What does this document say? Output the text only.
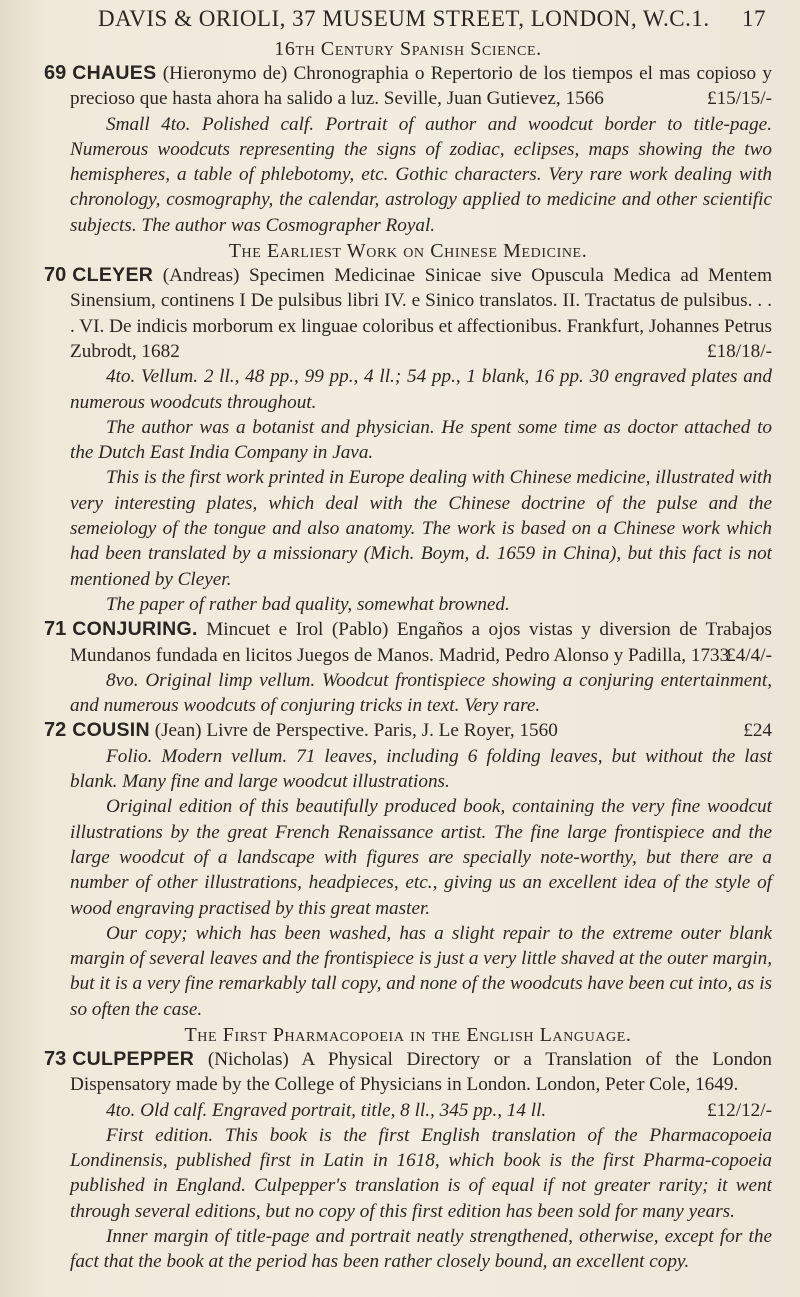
DAVIS & ORIOLI, 37 MUSEUM STREET, LONDON, W.C.1. 17
16th Century Spanish Science.
69 CHAUES (Hieronymo de) Chronographia o Repertorio de los tiempos el mas copioso y precioso que hasta ahora ha salido a luz. Seville, Juan Gutievez, 1566	£15/15/-

Small 4to. Polished calf. Portrait of author and woodcut border to title-page. Numerous woodcuts representing the signs of zodiac, eclipses, maps showing the two hemispheres, a table of phlebotomy, etc. Gothic characters. Very rare work dealing with chronology, cosmography, the calendar, astrology applied to medicine and other scientific subjects. The author was Cosmographer Royal.

The Earliest Work on Chinese Medicine.
70 CLEYER (Andreas) Specimen Medicinae Sinicae sive Opuscula Medica ad Mentem Sinensium, continens I De pulsibus libri IV. e Sinico translatos. II. Tractatus de pulsibus. . . . VI. De indicis morborum ex linguae coloribus et affectionibus. Frankfurt, Johannes Petrus Zubrodt, 1682	£18/18/-

4to. Vellum. 2 ll., 48 pp., 99 pp., 4 ll.; 54 pp., 1 blank, 16 pp. 30 engraved plates and numerous woodcuts throughout.

The author was a botanist and physician. He spent some time as doctor attached to the Dutch East India Company in Java.

This is the first work printed in Europe dealing with Chinese medicine, illustrated with very interesting plates, which deal with the Chinese doctrine of the pulse and the semeiology of the tongue and also anatomy. The work is based on a Chinese work which had been translated by a missionary (Mich. Boym, d. 1659 in China), but this fact is not mentioned by Cleyer.

The paper of rather bad quality, somewhat browned.

71 CONJURING. Mincuet e Irol (Pablo) Engaños a ojos vistas y diversion de Trabajos Mundanos fundada en licitos Juegos de Manos. Madrid, Pedro Alonso y Padilla, 1733
£4/4/-

8vo. Original limp vellum. Woodcut frontispiece showing a conjuring entertainment, and numerous woodcuts of conjuring tricks in text. Very rare.

72 COUSIN (Jean) Livre de Perspective. Paris, J. Le Royer, 1560	£24

Folio. Modern vellum. 71 leaves, including 6 folding leaves, but without the last blank. Many fine and large woodcut illustrations.

Original edition of this beautifully produced book, containing the very fine woodcut illustrations by the great French Renaissance artist. The fine large frontispiece and the large woodcut of a landscape with figures are specially note-worthy, but there are a number of other illustrations, headpieces, etc., giving us an excellent idea of the style of wood engraving practised by this great master.

Our copy; which has been washed, has a slight repair to the extreme outer blank margin of several leaves and the frontispiece is just a very little shaved at the outer margin, but it is a very fine remarkably tall copy, and none of the woodcuts have been cut into, as is so often the case.

The First Pharmacopoeia in the English Language.
73 CULPEPPER (Nicholas) A Physical Directory or a Translation of the London Dispensatory made by the College of Physicians in London. London, Peter Cole, 1649.
£12/12/-

4to. Old calf. Engraved portrait, title, 8 ll., 345 pp., 14 ll.

First edition. This book is the first English translation of the Pharmacopoeia Londinensis, published first in Latin in 1618, which book is the first Pharma-copoeia published in England. Culpepper's translation is of equal if not greater rarity; it went through several editions, but no copy of this first edition has been sold for many years.

Inner margin of title-page and portrait neatly strengthened, otherwise, except for the fact that the book at the period has been rather closely bound, an excellent copy.
